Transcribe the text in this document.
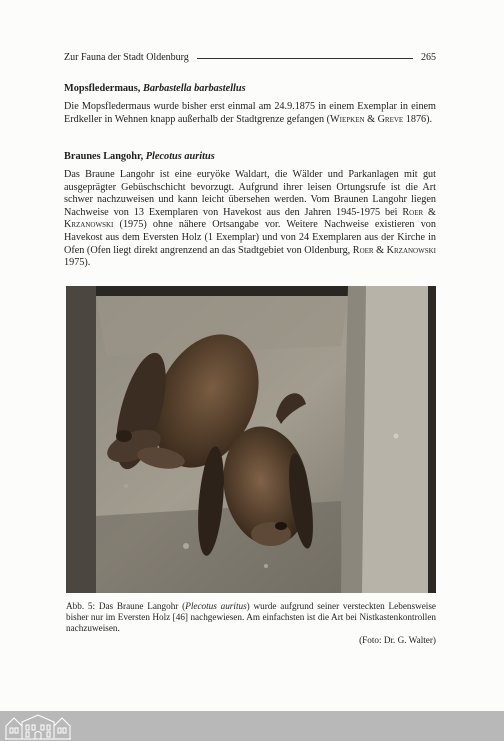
Zur Fauna der Stadt Oldenburg	265

Mopsfledermaus, Barbastella barbastellus

Die Mopsfledermaus wurde bisher erst einmal am 24.9.1875 in einem Exemplar in einem Erdkeller in Wehnen knapp außerhalb der Stadtgrenze gefangen (Wiepken & Greve 1876).

Braunes Langohr, Plecotus auritus

Das Braune Langohr ist eine euryöke Waldart, die Wälder und Parkanlagen mit gut ausgeprägter Gebüschschicht bevorzugt. Aufgrund ihrer leisen Ortungsrufe ist die Art schwer nachzuweisen und kann leicht übersehen werden. Vom Braunen Langohr liegen Nachweise von 13 Exemplaren von Havekost aus den Jahren 1945-1975 bei Roer & Krzanowski (1975) ohne nähere Ortsangabe vor. Weitere Nachweise existieren von Havekost aus dem Eversten Holz (1 Exemplar) und von 24 Exemplaren aus der Kirche in Ofen (Ofen liegt direkt angrenzend an das Stadtgebiet von Oldenburg, Roer & Krzanowski 1975).

Abb. 5: Das Braune Langohr (Plecotus auritus) wurde aufgrund seiner versteckten Lebensweise bisher nur im Eversten Holz [46] nachgewiesen. Am einfachsten ist die Art bei Nistkastenkontrollen nachzuweisen.

(Foto: Dr. G. Walter)
